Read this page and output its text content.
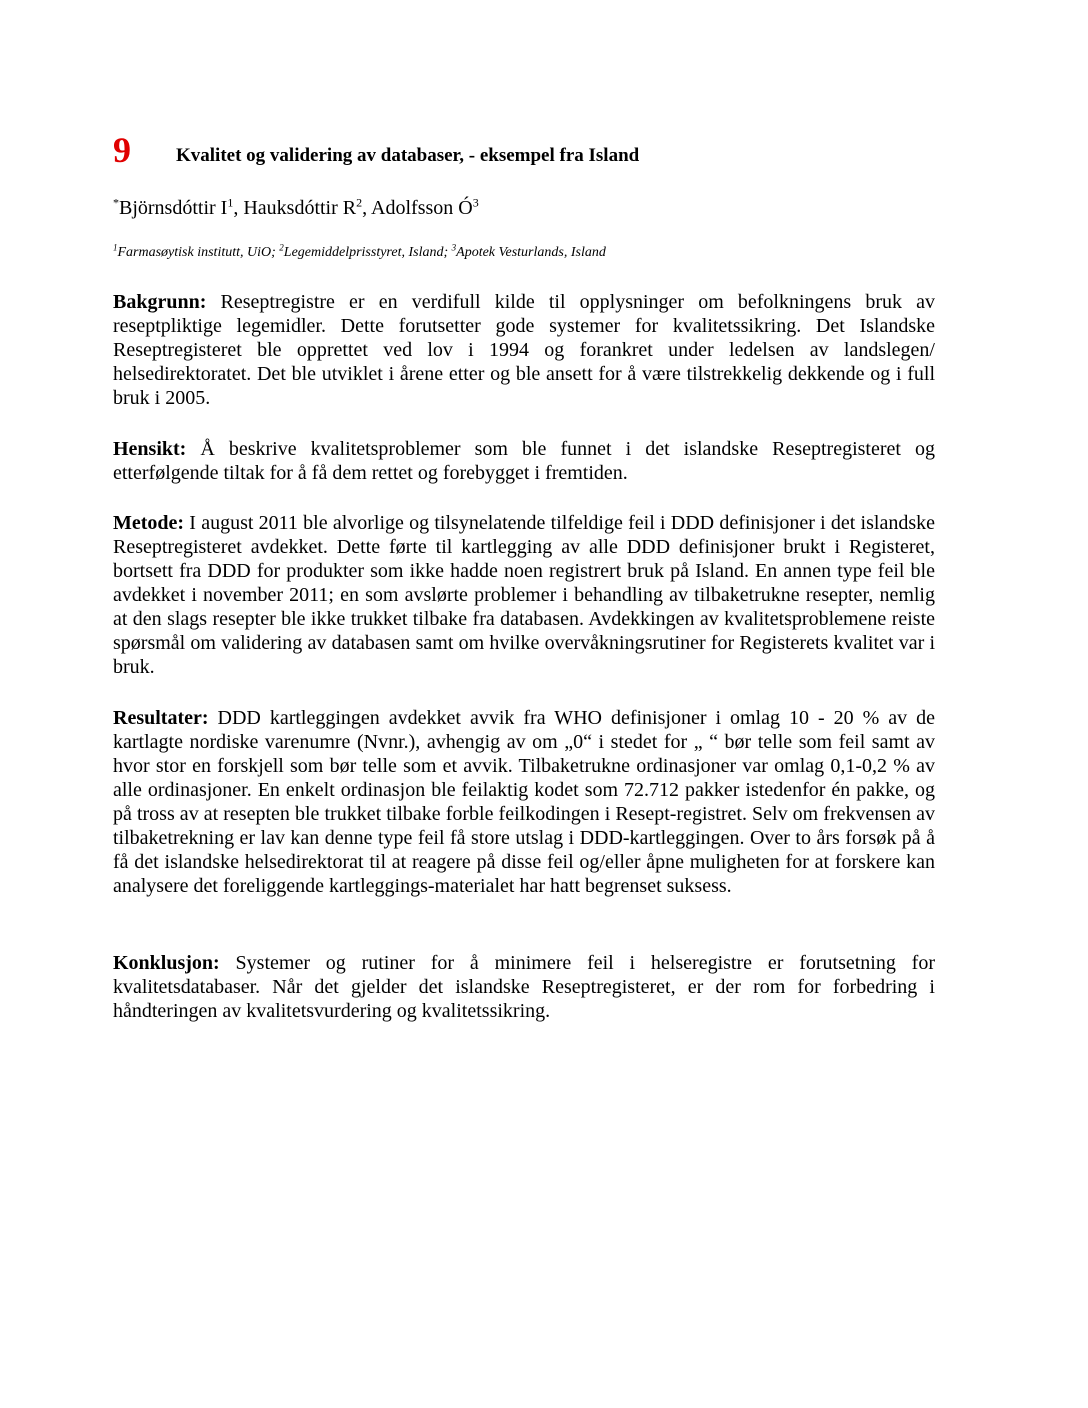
9 Kvalitet og validering av databaser, - eksempel fra Island
*Björnsdóttir $I^1$, Hauksdóttir $R^2$, Adolfsson $Ó^3$
$^1$Farmasøytisk institutt, UiO; $^2$Legemiddelprisstyret, Island; $^3$Apotek Vesturlands, Island

Bakgrunn: Reseptregistre er en verdifull kilde til opplysninger om befolkningens bruk av reseptpliktige legemidler. Dette forutsetter gode systemer for kvalitetssikring. Det Islandske Reseptregisteret ble opprettet ved lov i 1994 og forankret under ledelsen av landslegen/ helsedirektoratet. Det ble utviklet i årene etter og ble ansett for å være tilstrekkelig dekkende og i full bruk i 2005.

Hensikt: Å beskrive kvalitetsproblemer som ble funnet i det islandske Reseptregisteret og etterfølgende tiltak for å få dem rettet og forebygget i fremtiden.

Metode: I august 2011 ble alvorlige og tilsynelatende tilfeldige feil i DDD definisjoner i det islandske Reseptregisteret avdekket. Dette førte til kartlegging av alle DDD definisjoner brukt i Registeret, bortsett fra DDD for produkter som ikke hadde noen registrert bruk på Island. En annen type feil ble avdekket i november 2011; en som avslørte problemer i behandling av tilbaketrukne resepter, nemlig at den slags resepter ble ikke trukket tilbake fra databasen. Avdekkingen av kvalitetsproblemene reiste spørsmål om validering av databasen samt om hvilke overvåkningsrutiner for Registerets kvalitet var i bruk.

Resultater: DDD kartleggingen avdekket avvik fra WHO definisjoner i omlag 10 - 20 % av de kartlagte nordiske varenumre (Nvnr.), avhengig av om „0“ i stedet for „ “ bør telle som feil samt av hvor stor en forskjell som bør telle som et avvik. Tilbaketrukne ordinasjoner var omlag 0,1-0,2 % av alle ordinasjoner. En enkelt ordinasjon ble feilaktig kodet som 72.712 pakker istedenfor én pakke, og på tross av at resepten ble trukket tilbake forble feilkodingen i Resept-registret. Selv om frekvensen av tilbaketrekning er lav kan denne type feil få store utslag i DDD-kartleggingen. Over to års forsøk på å få det islandske helsedirektorat til at reagere på disse feil og/eller åpne muligheten for at forskere kan analysere det foreliggende kartleggings-materialet har hatt begrenset suksess.

Konklusjon: Systemer og rutiner for å minimere feil i helseregistre er forutsetning for kvalitetsdatabaser. Når det gjelder det islandske Reseptregisteret, er der rom for forbedring i håndteringen av kvalitetsvurdering og kvalitetssikring.
